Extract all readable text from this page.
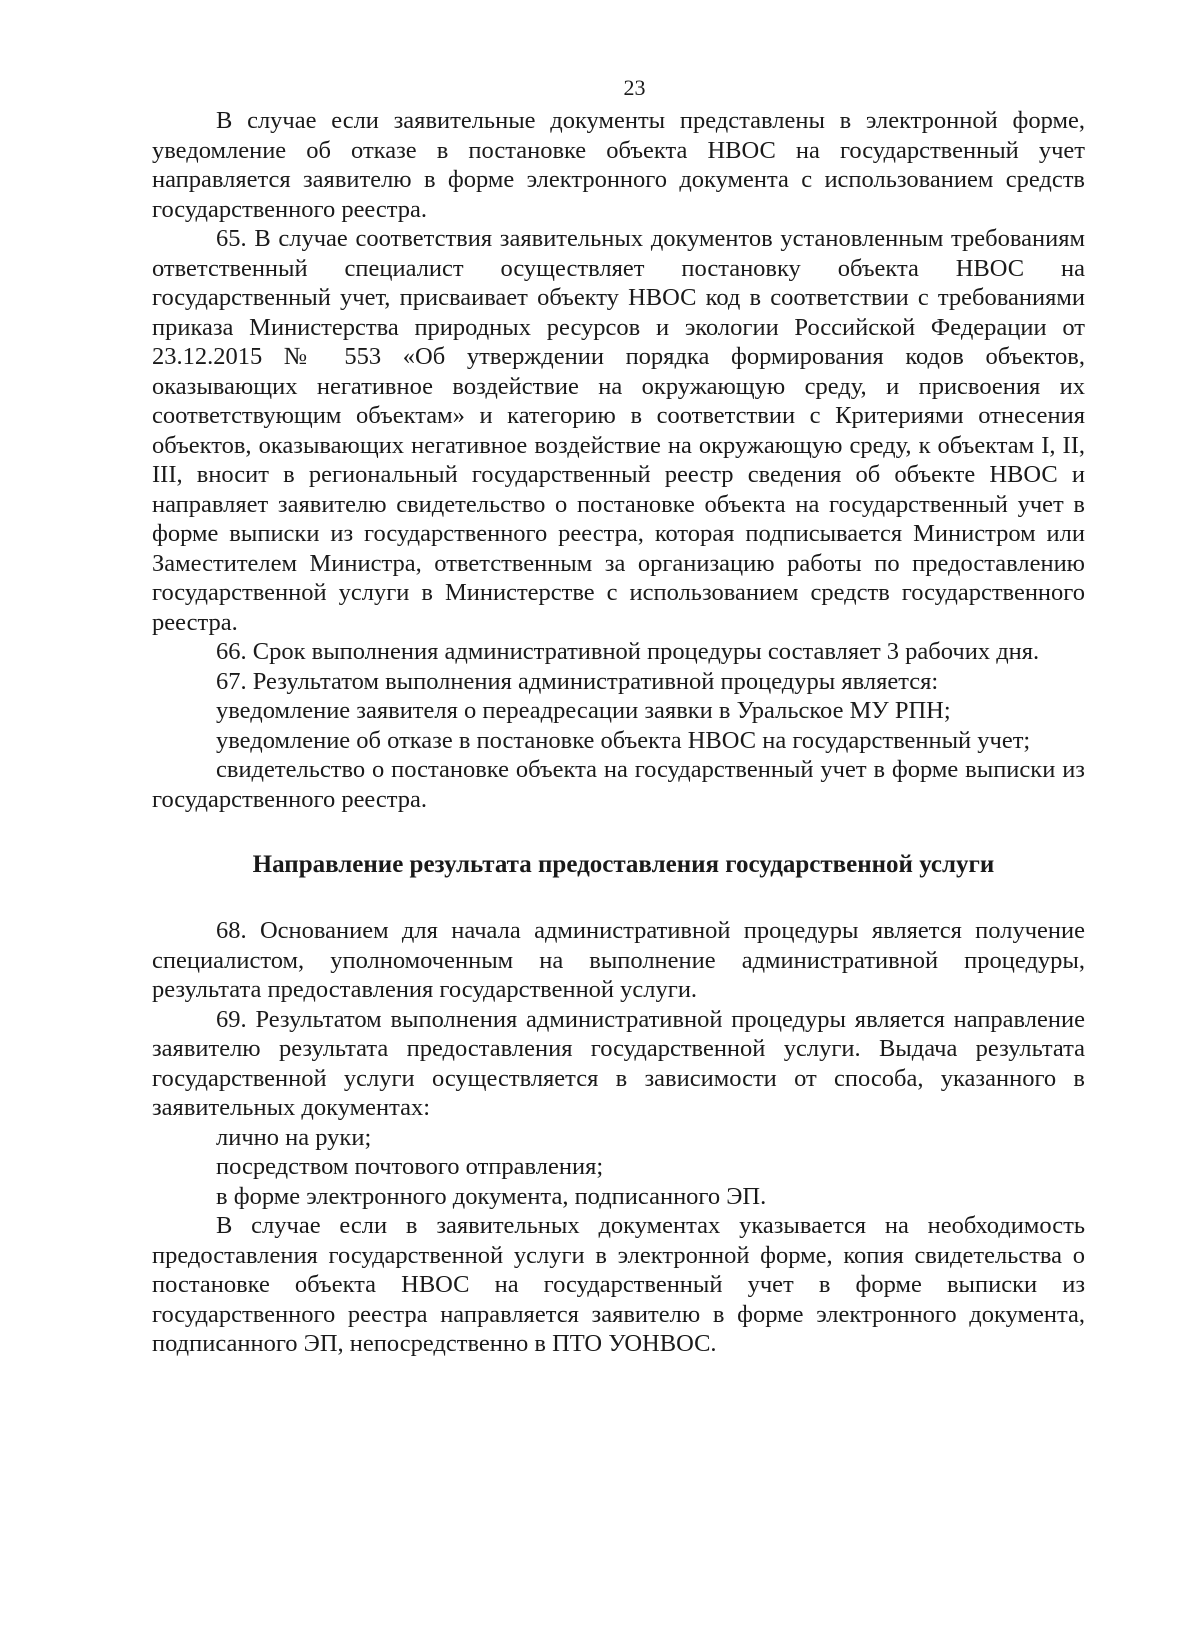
23

В случае если заявительные документы представлены в электронной форме, уведомление об отказе в постановке объекта НВОС на государственный учет направляется заявителю в форме электронного документа с использованием средств государственного реестра.

65. В случае соответствия заявительных документов установленным требованиям ответственный специалист осуществляет постановку объекта НВОС на государственный учет, присваивает объекту НВОС код в соответствии с требованиями приказа Министерства природных ресурсов и экологии Российской Федерации от 23.12.2015 № 553 «Об утверждении порядка формирования кодов объектов, оказывающих негативное воздействие на окружающую среду, и присвоения их соответствующим объектам» и категорию в соответствии с Критериями отнесения объектов, оказывающих негативное воздействие на окружающую среду, к объектам I, II, III, вносит в региональный государственный реестр сведения об объекте НВОС и направляет заявителю свидетельство о постановке объекта на государственный учет в форме выписки из государственного реестра, которая подписывается Министром или Заместителем Министра, ответственным за организацию работы по предоставлению государственной услуги в Министерстве с использованием средств государственного реестра.

66. Срок выполнения административной процедуры составляет 3 рабочих дня.

67. Результатом выполнения административной процедуры является:

уведомление заявителя о переадресации заявки в Уральское МУ РПН;

уведомление об отказе в постановке объекта НВОС на государственный учет;

свидетельство о постановке объекта на государственный учет в форме выписки из государственного реестра.

Направление результата предоставления государственной услуги

68. Основанием для начала административной процедуры является получение специалистом, уполномоченным на выполнение административной процедуры, результата предоставления государственной услуги.

69. Результатом выполнения административной процедуры является направление заявителю результата предоставления государственной услуги. Выдача результата государственной услуги осуществляется в зависимости от способа, указанного в заявительных документах:

лично на руки;

посредством почтового отправления;

в форме электронного документа, подписанного ЭП.

В случае если в заявительных документах указывается на необходимость предоставления государственной услуги в электронной форме, копия свидетельства о постановке объекта НВОС на государственный учет в форме выписки из государственного реестра направляется заявителю в форме электронного документа, подписанного ЭП, непосредственно в ПТО УОНВОС.
